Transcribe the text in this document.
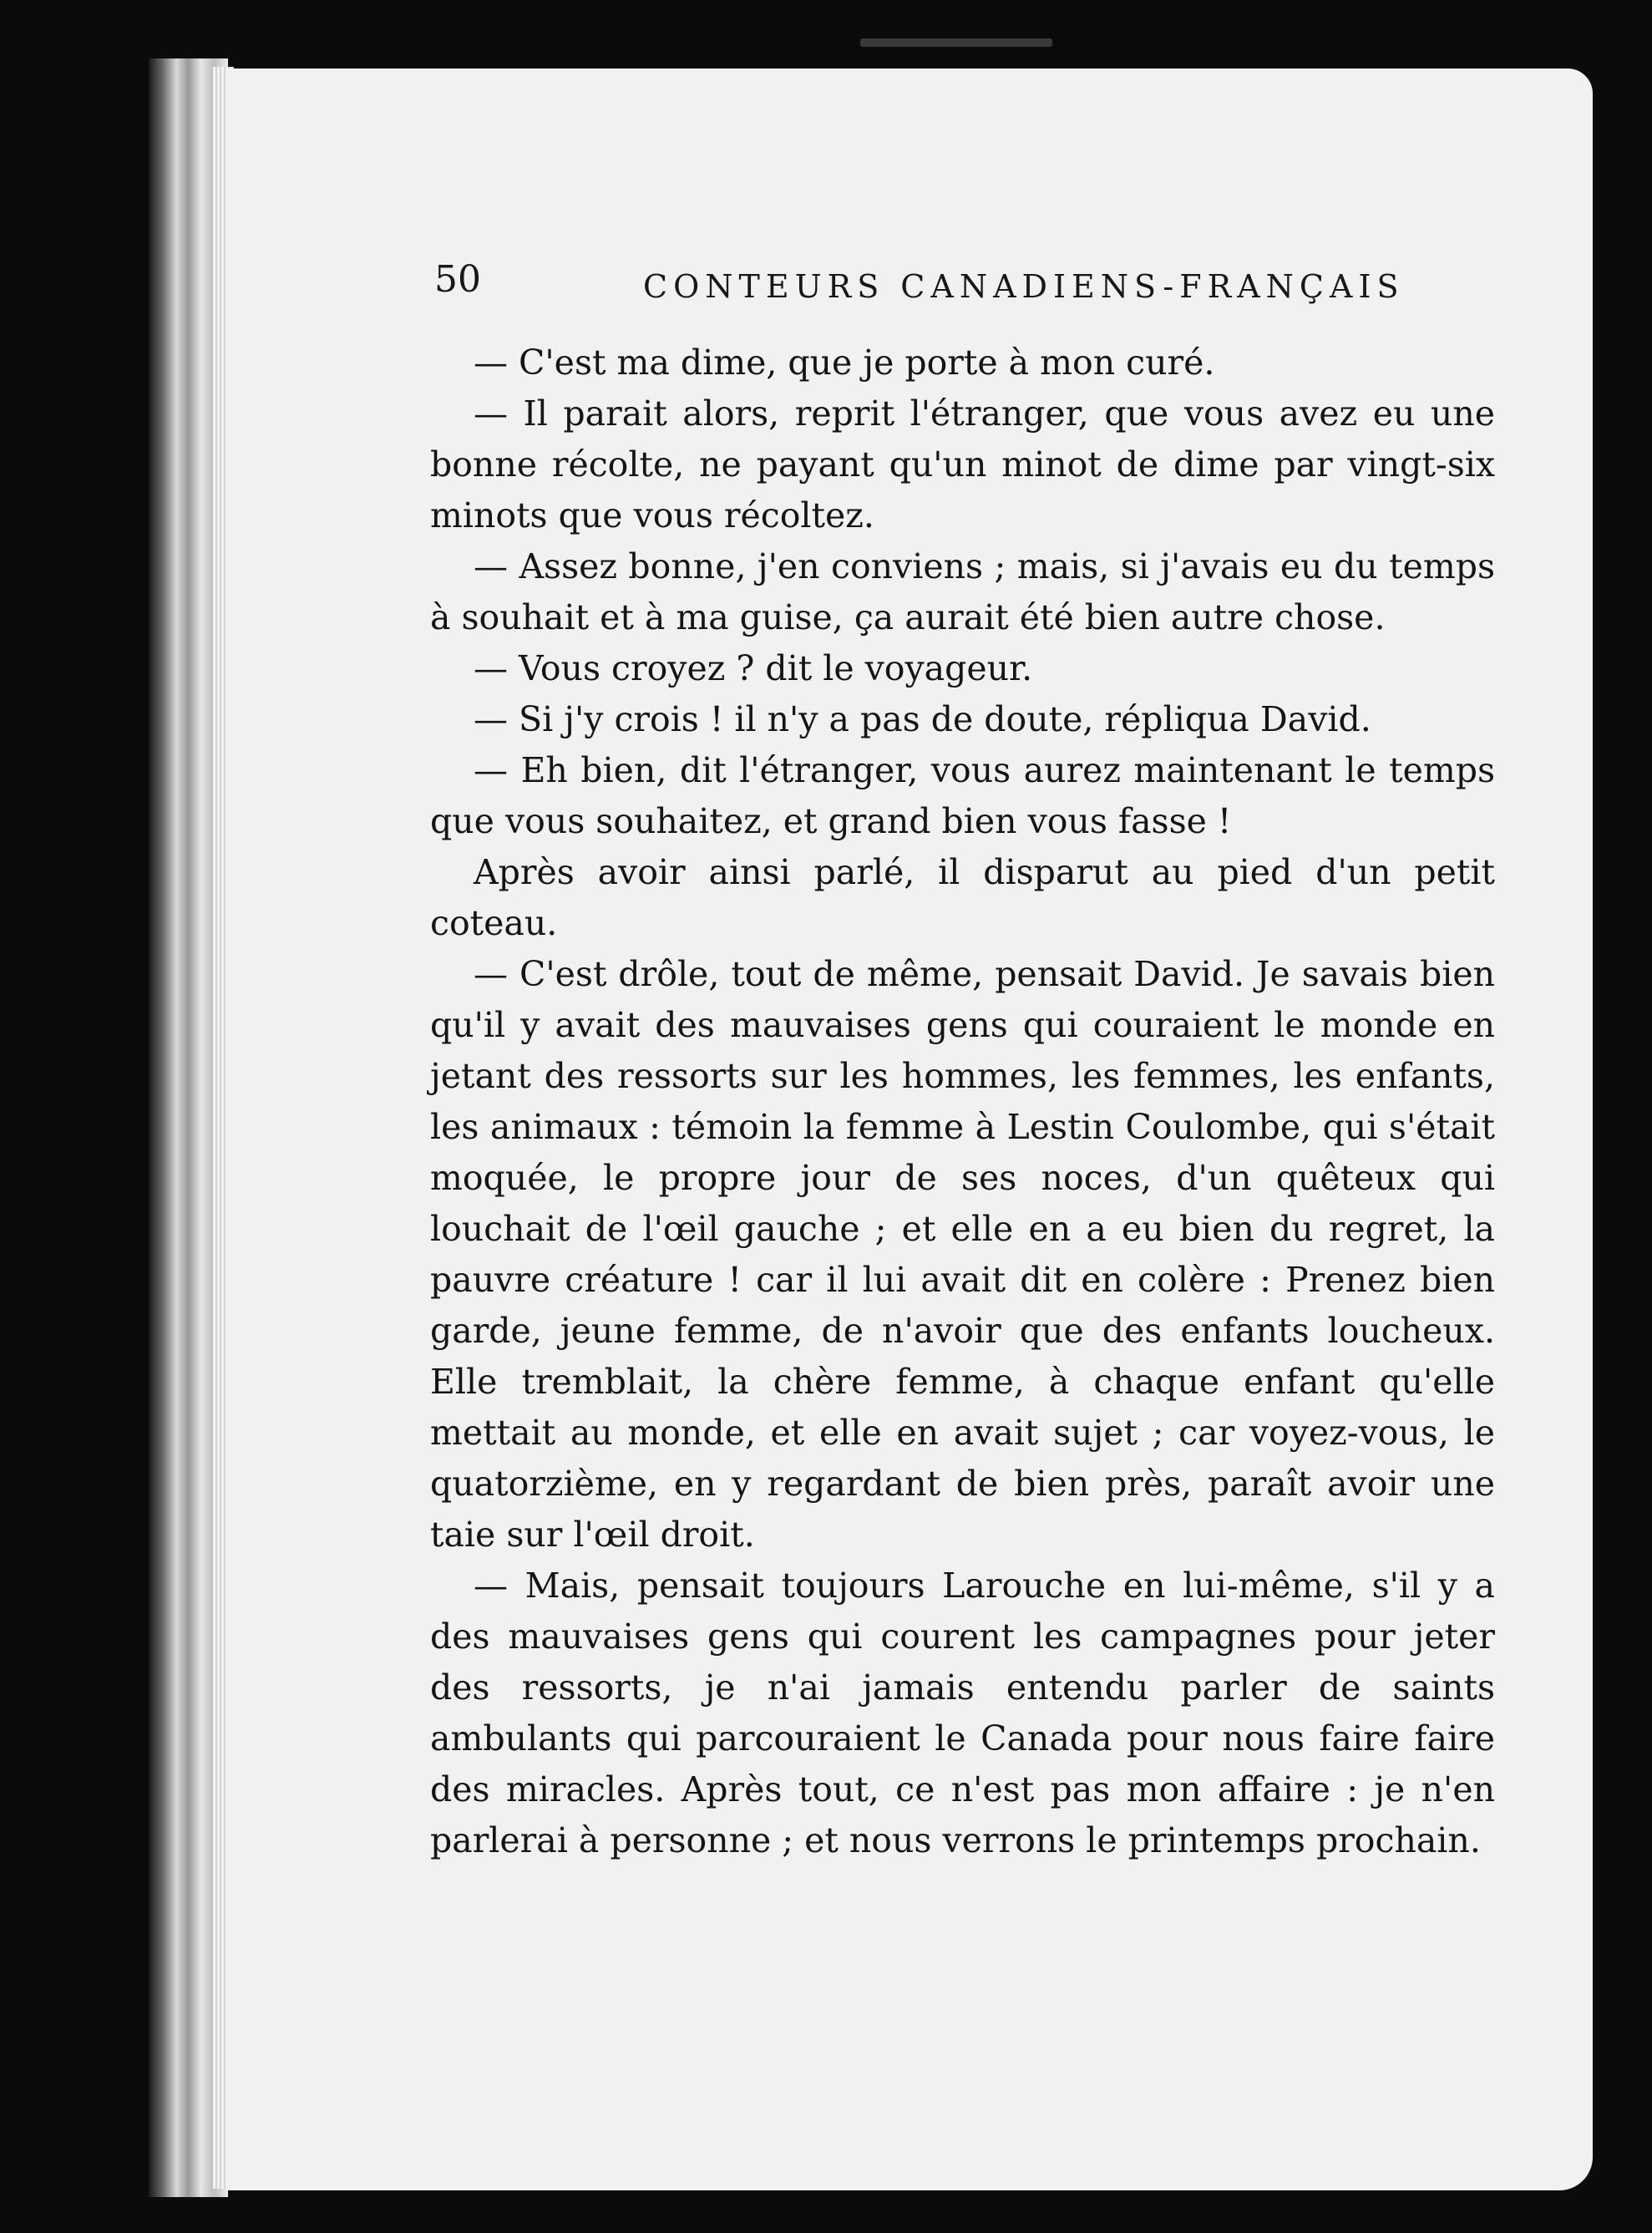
50	CONTEURS CANADIENS-FRANÇAIS

— C'est ma dime, que je porte à mon curé.

— Il parait alors, reprit l'étranger, que vous avez eu une bonne récolte, ne payant qu'un minot de dime par vingt-six minots que vous récoltez.

— Assez bonne, j'en conviens ; mais, si j'avais eu du temps à souhait et à ma guise, ça aurait été bien autre chose.

— Vous croyez ? dit le voyageur.

— Si j'y crois ! il n'y a pas de doute, répliqua David.

— Eh bien, dit l'étranger, vous aurez maintenant le temps que vous souhaitez, et grand bien vous fasse !

Après avoir ainsi parlé, il disparut au pied d'un petit coteau.

— C'est drôle, tout de même, pensait David. Je savais bien qu'il y avait des mauvaises gens qui couraient le monde en jetant des ressorts sur les hommes, les femmes, les enfants, les animaux : témoin la femme à Lestin Coulombe, qui s'était moquée, le propre jour de ses noces, d'un quêteux qui louchait de l'œil gauche ; et elle en a eu bien du regret, la pauvre créature ! car il lui avait dit en colère : Prenez bien garde, jeune femme, de n'avoir que des enfants loucheux. Elle tremblait, la chère femme, à chaque enfant qu'elle mettait au monde, et elle en avait sujet ; car voyez-vous, le quatorzième, en y regardant de bien près, paraît avoir une taie sur l'œil droit.

— Mais, pensait toujours Larouche en lui-même, s'il y a des mauvaises gens qui courent les campagnes pour jeter des ressorts, je n'ai jamais entendu parler de saints ambulants qui parcouraient le Canada pour nous faire faire des miracles. Après tout, ce n'est pas mon affaire : je n'en parlerai à personne ; et nous verrons le printemps prochain.
